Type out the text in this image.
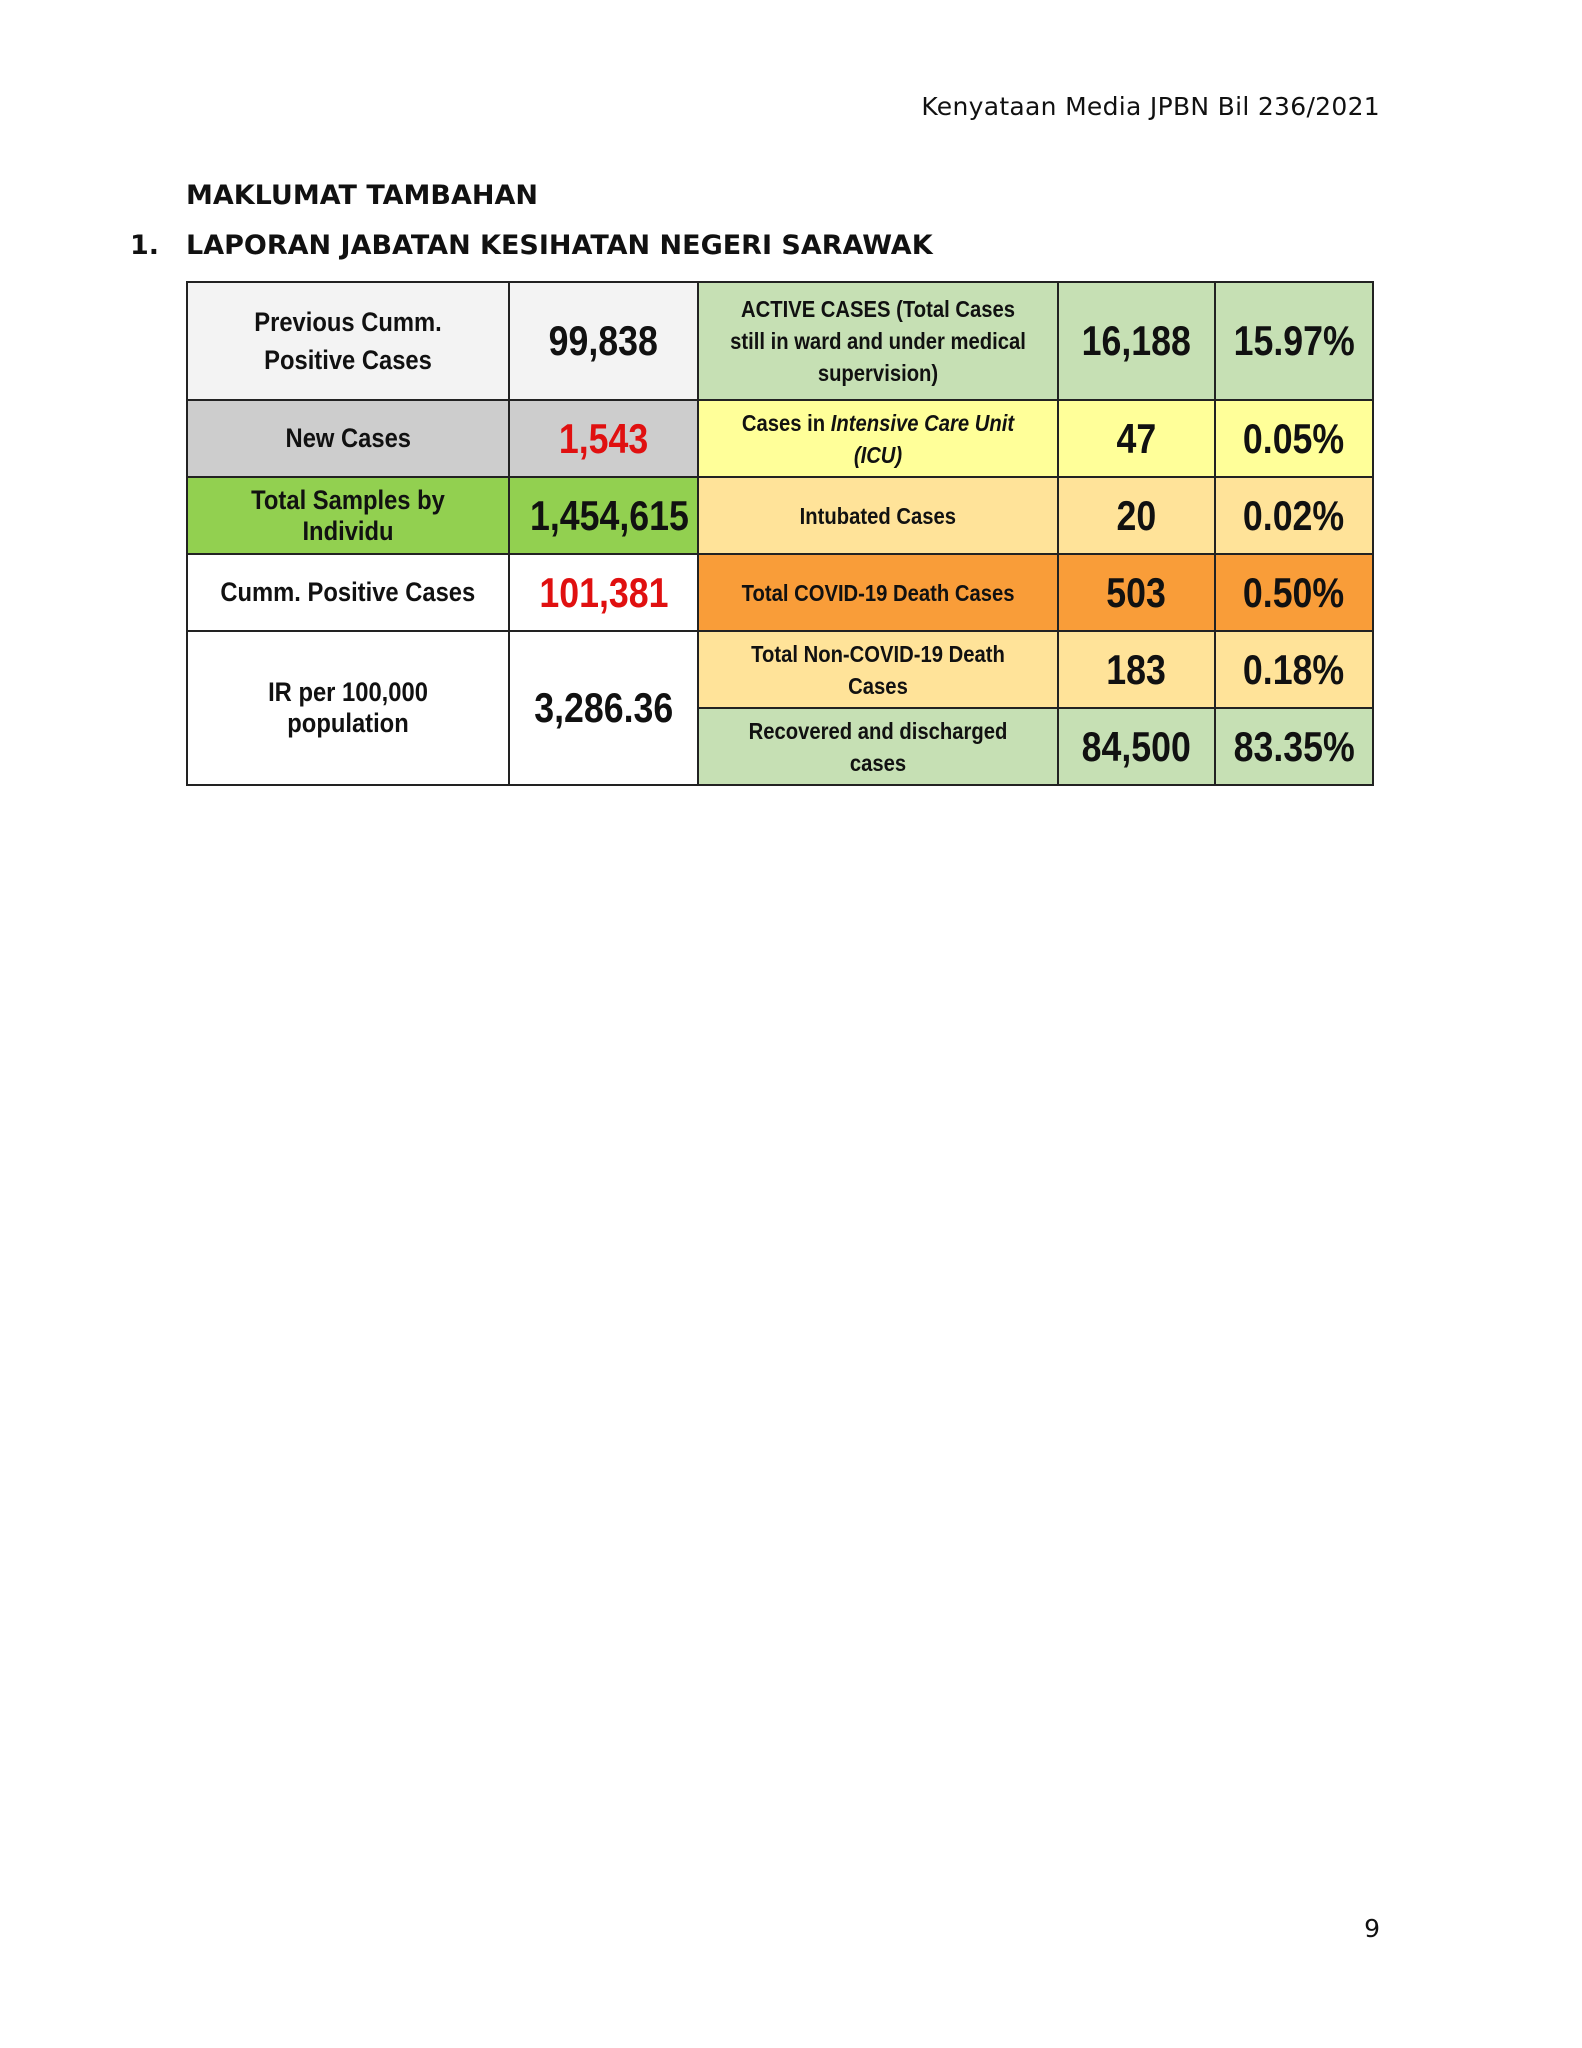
Kenyataan Media JPBN Bil 236/2021
MAKLUMAT TAMBAHAN
1. LAPORAN JABATAN KESIHATAN NEGERI SARAWAK
Previous Cumm. Positive Cases	99,838	ACTIVE CASES (Total Cases still in ward and under medical supervision)	16,188	15.97%
New Cases	1,543	Cases in Intensive Care Unit (ICU)	47	0.05%
Total Samples by Individu	1,454,615	Intubated Cases	20	0.02%
Cumm. Positive Cases	101,381	Total COVID-19 Death Cases	503	0.50%
IR per 100,000 population	3,286.36	Total Non-COVID-19 Death Cases	183	0.18%
		Recovered and discharged cases	84,500	83.35%
9
